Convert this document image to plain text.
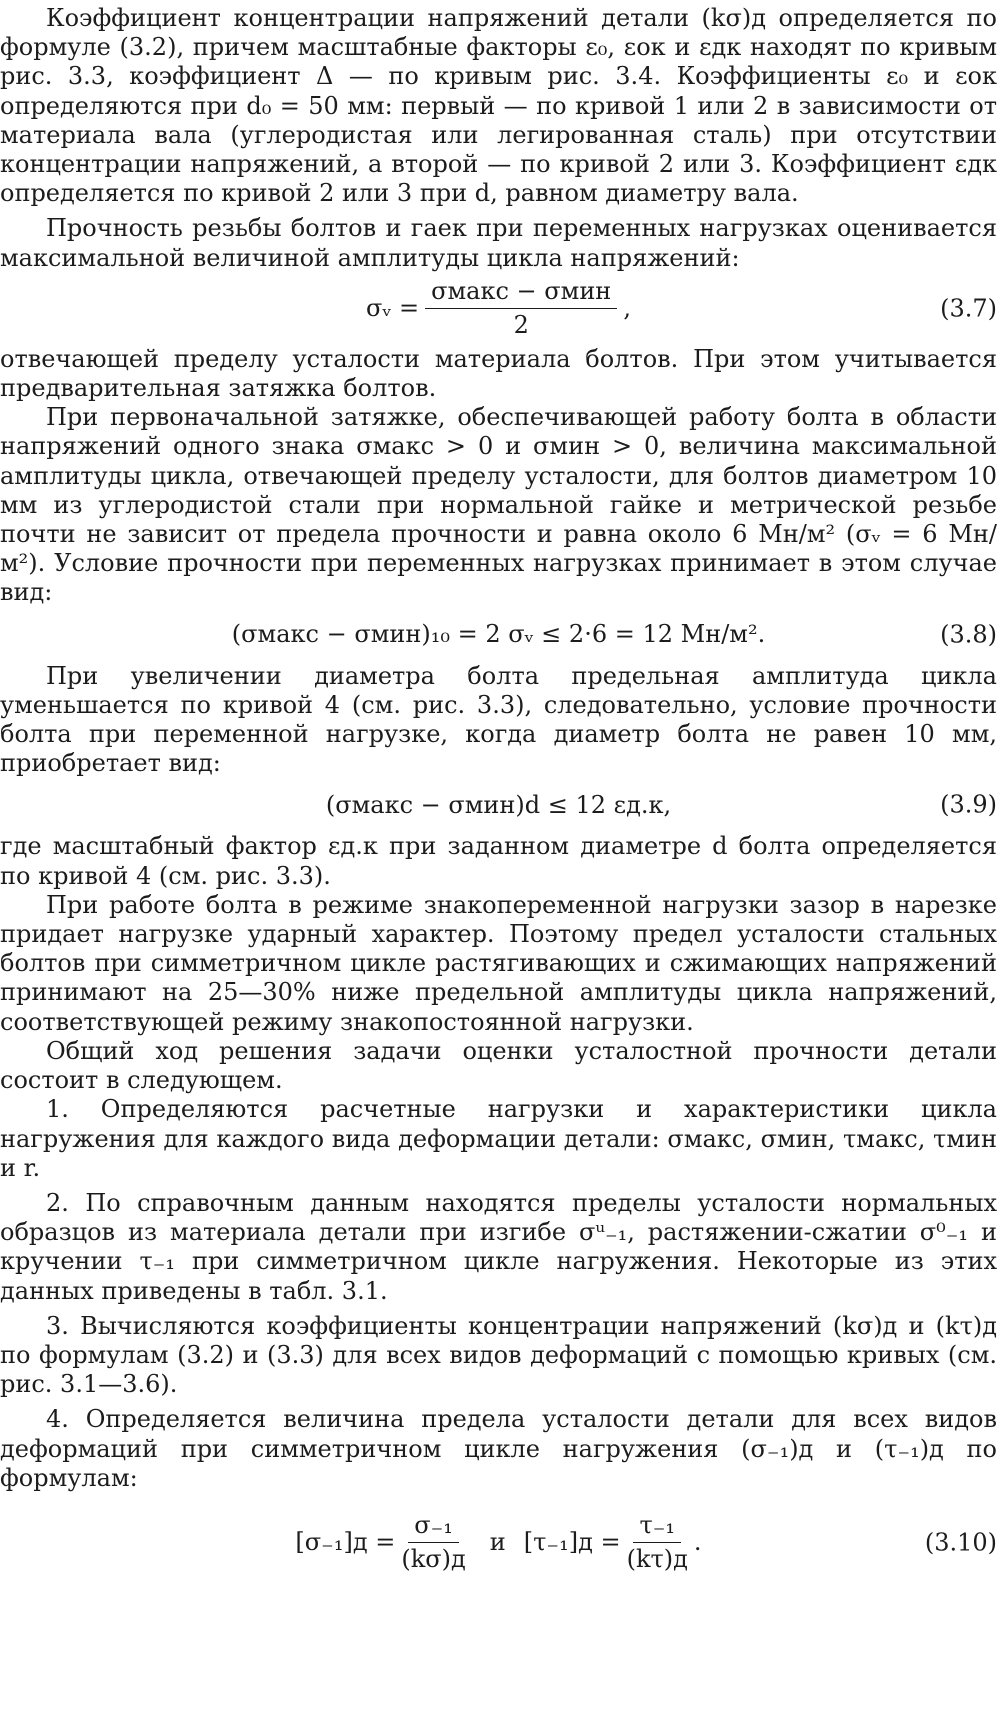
Коэффициент концентрации напряжений детали (kσ)д определяется по формуле (3.2), причем масштабные факторы ε₀, εок и εдк находят по кривым рис. 3.3, коэффициент Δ — по кривым рис. 3.4. Коэффициенты ε₀ и εок определяются при d₀ = 50 мм: первый — по кривой 1 или 2 в зависимости от материала вала (углеродистая или легированная сталь) при отсутствии концентрации напряжений, а второй — по кривой 2 или 3. Коэффициент εдк определяется по кривой 2 или 3 при d, равном диаметру вала.

Прочность резьбы болтов и гаек при переменных нагрузках оценивается максимальной величиной амплитуды цикла напряжений:

σᵥ = $\frac{\text{σмакс − σмин}}{2}$ ,	(3.7)

отвечающей пределу усталости материала болтов. При этом учитывается предварительная затяжка болтов.

При первоначальной затяжке, обеспечивающей работу болта в области напряжений одного знака σмакс > 0 и σмин > 0, величина максимальной амплитуды цикла, отвечающей пределу усталости, для болтов диаметром 10 мм из углеродистой стали при нормальной гайке и метрической резьбе почти не зависит от предела прочности и равна около 6 Мн/м² (σᵥ = 6 Мн/м²). Условие прочности при переменных нагрузках принимает в этом случае вид:

(σмакс − σмин)₁₀ = 2 σᵥ ≤ 2·6 = 12 Мн/м².	(3.8)

При увеличении диаметра болта предельная амплитуда цикла уменьшается по кривой 4 (см. рис. 3.3), следовательно, условие прочности болта при переменной нагрузке, когда диаметр болта не равен 10 мм, приобретает вид:

(σмакс − σмин)d ≤ 12 εд.к,	(3.9)

где масштабный фактор εд.к при заданном диаметре d болта определяется по кривой 4 (см. рис. 3.3).

При работе болта в режиме знакопеременной нагрузки зазор в нарезке придает нагрузке ударный характер. Поэтому предел усталости стальных болтов при симметричном цикле растягивающих и сжимающих напряжений принимают на 25—30% ниже предельной амплитуды цикла напряжений, соответствующей режиму знакопостоянной нагрузки.

Общий ход решения задачи оценки усталостной прочности детали состоит в следующем.

1. Определяются расчетные нагрузки и характеристики цикла нагружения для каждого вида деформации детали: σмакс, σмин, τмакс, τмин и r.

2. По справочным данным находятся пределы усталости нормальных образцов из материала детали при изгибе σᵘ₋₁, растяжении-сжатии σ⁰₋₁ и кручении τ₋₁ при симметричном цикле нагружения. Некоторые из этих данных приведены в табл. 3.1.

3. Вычисляются коэффициенты концентрации напряжений (kσ)д и (kτ)д по формулам (3.2) и (3.3) для всех видов деформаций с помощью кривых (см. рис. 3.1—3.6).

4. Определяется величина предела усталости детали для всех видов деформаций при симметричном цикле нагружения (σ₋₁)д и (τ₋₁)д по формулам:

$[\sigma_{-1}]д = \frac{\text{σ₋₁}}{(k\sigma)д}$ и $[\tau_{-1}]д = \frac{\text{τ₋₁}}{(k\tau)д}$ .	(3.10)
